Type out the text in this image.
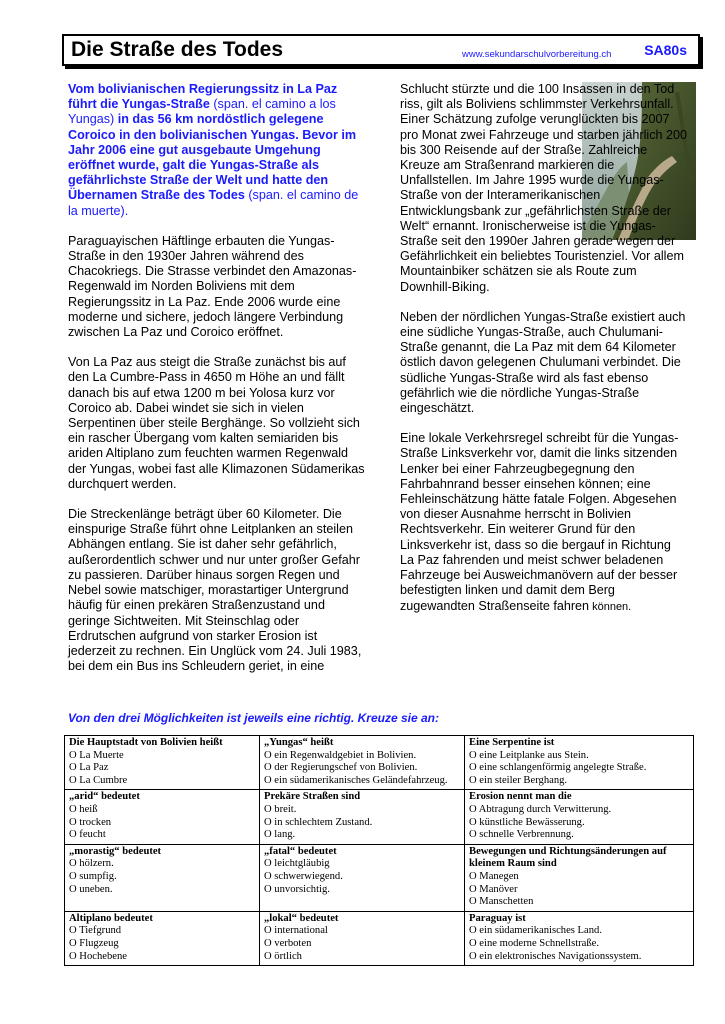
Die Straße des Todes	www.sekundarschulvorbereitung.ch SA80s

Vom bolivianischen Regierungssitz in La Paz führt die Yungas-Straße (span. el camino a los Yungas) in das 56 km nordöstlich gelegene Coroico in den bolivianischen Yungas. Bevor im Jahr 2006 eine gut ausgebaute Umgehung eröffnet wurde, galt die Yungas-Straße als gefährlichste Straße der Welt und hatte den Übernamen Straße des Todes (span. el camino de la muerte).

Paraguayischen Häftlinge erbauten die Yungas-Straße in den 1930er Jahren während des Chacokriegs. Die Strasse verbindet den Amazonas-Regenwald im Norden Boliviens mit dem Regierungssitz in La Paz. Ende 2006 wurde eine moderne und sichere, jedoch längere Verbindung zwischen La Paz und Coroico eröffnet.

Von La Paz aus steigt die Straße zunächst bis auf den La Cumbre-Pass in 4650 m Höhe an und fällt danach bis auf etwa 1200 m bei Yolosa kurz vor Coroico ab. Dabei windet sie sich in vielen Serpentinen über steile Berghänge. So vollzieht sich ein rascher Übergang vom kalten semiariden bis ariden Altiplano zum feuchten warmen Regenwald der Yungas, wobei fast alle Klimazonen Südamerikas durchquert werden.

Die Streckenlänge beträgt über 60 Kilometer. Die einspurige Straße führt ohne Leitplanken an steilen Abhängen entlang. Sie ist daher sehr gefährlich, außerordentlich schwer und nur unter großer Gefahr zu passieren. Darüber hinaus sorgen Regen und Nebel sowie matschiger, morastartiger Untergrund häufig für einen prekären Straßenzustand und geringe Sichtweiten. Mit Steinschlag oder Erdrutschen aufgrund von starker Erosion ist jederzeit zu rechnen. Ein Unglück vom 24. Juli 1983, bei dem ein Bus ins Schleudern geriet, in eine

Schlucht stürzte und die 100 Insassen in den Tod riss, gilt als Boliviens schlimmster Verkehrsunfall. Einer Schätzung zufolge verunglückten bis 2007 pro Monat zwei Fahrzeuge und starben jährlich 200 bis 300 Reisende auf der Straße. Zahlreiche Kreuze am Straßenrand markieren die Unfallstellen. Im Jahre 1995 wurde die Yungas-Straße von der Interamerikanischen Entwicklungsbank zur „gefährlichsten Straße der Welt“ ernannt. Ironischerweise ist die Yungas-Straße seit den 1990er Jahren gerade wegen der Gefährlichkeit ein beliebtes Touristenziel. Vor allem Mountainbiker schätzen sie als Route zum Downhill-Biking.

Neben der nördlichen Yungas-Straße existiert auch eine südliche Yungas-Straße, auch Chulumani-Straße genannt, die La Paz mit dem 64 Kilometer östlich davon gelegenen Chulumani verbindet. Die südliche Yungas-Straße wird als fast ebenso gefährlich wie die nördliche Yungas-Straße eingeschätzt.

Eine lokale Verkehrsregel schreibt für die Yungas-Straße Linksverkehr vor, damit die links sitzenden Lenker bei einer Fahrzeugbegegnung den Fahrbahnrand besser einsehen können; eine Fehleinschätzung hätte fatale Folgen. Abgesehen von dieser Ausnahme herrscht in Bolivien Rechtsverkehr. Ein weiterer Grund für den Linksverkehr ist, dass so die bergauf in Richtung La Paz fahrenden und meist schwer beladenen Fahrzeuge bei Ausweichmanövern auf der besser befestigten linken und damit dem Berg zugewandten Straßenseite fahren können.

Von den drei Möglichkeiten ist jeweils eine richtig. Kreuze sie an:
Die Hauptstadt von Bolivien heißt
O La Muerte
O La Paz
O La Cumbre	„Yungas“ heißt
O ein Regenwaldgebiet in Bolivien.
O der Regierungschef von Bolivien.
O ein südamerikanisches Geländefahrzeug.	Eine Serpentine ist
O eine Leitplanke aus Stein.
O eine schlangenförmig angelegte Straße.
O ein steiler Berghang.

„arid“ bedeutet
O heiß
O trocken
O feucht	Prekäre Straßen sind
O breit.
O in schlechtem Zustand.
O lang.	Erosion nennt man die
O Abtragung durch Verwitterung.
O künstliche Bewässerung.
O schnelle Verbrennung.

„morastig“ bedeutet
O hölzern.
O sumpfig.
O uneben.	„fatal“ bedeutet
O leichtgläubig
O schwerwiegend.
O unvorsichtig.	Bewegungen und Richtungsänderungen auf kleinem Raum sind
O Manegen
O Manöver
O Manschetten

Altiplano bedeutet
O Tiefgrund
O Flugzeug
O Hochebene	„lokal“ bedeutet
O international
O verboten
O örtlich	Paraguay ist
O ein südamerikanisches Land.
O eine moderne Schnellstraße.
O ein elektronisches Navigationssystem.
